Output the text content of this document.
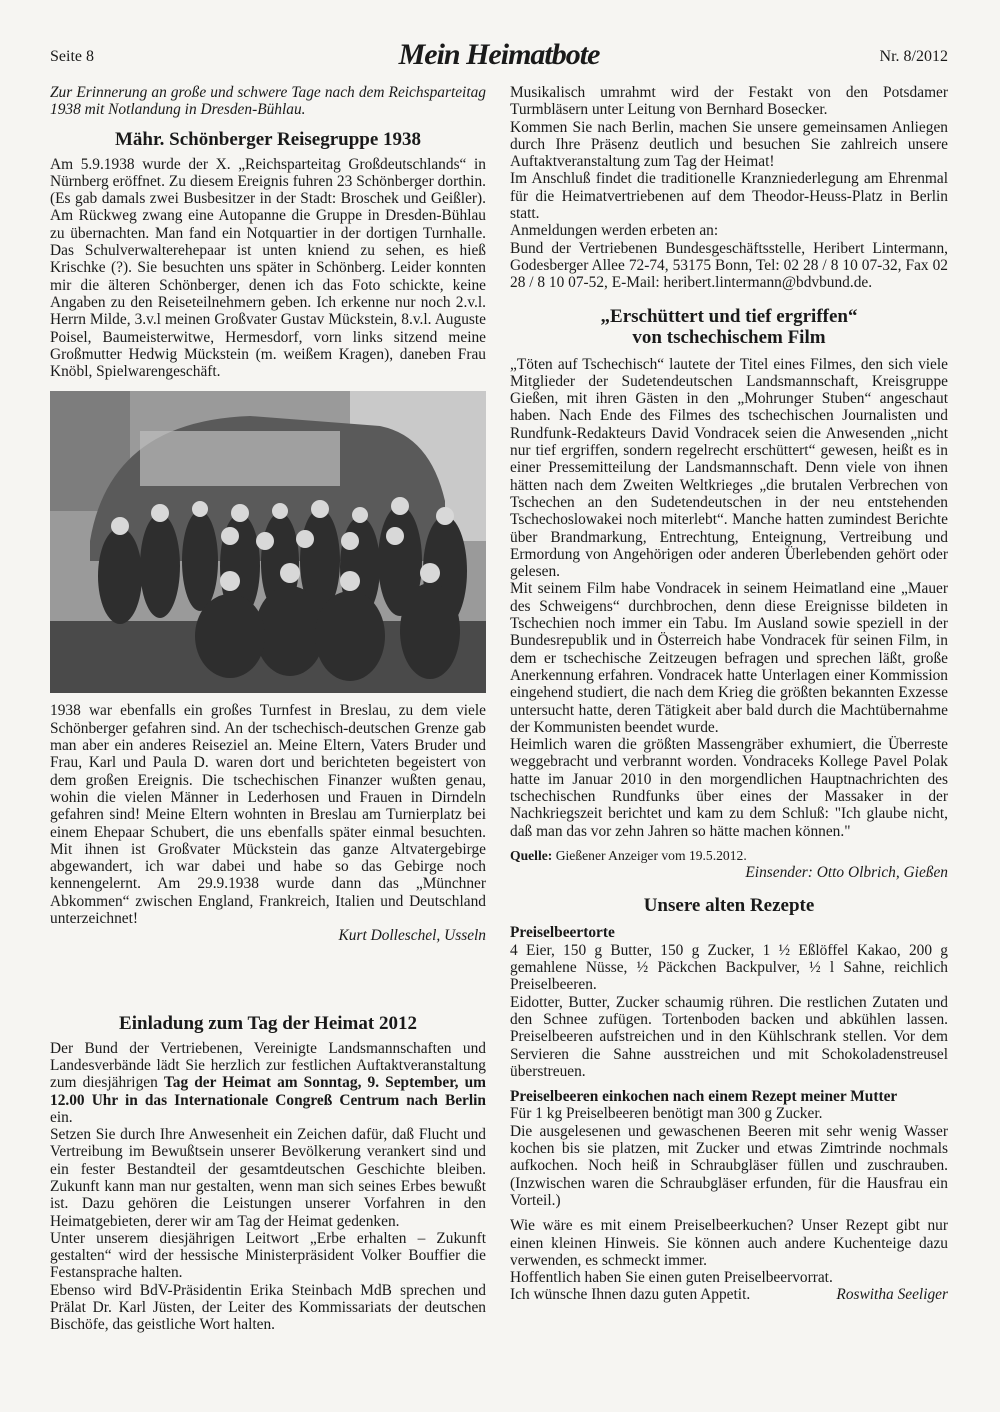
Seite 8	Mein Heimatbote	Nr. 8/2012

Zur Erinnerung an große und schwere Tage nach dem Reichsparteitag 1938 mit Notlandung in Dresden-Bühlau.

Mähr. Schönberger Reisegruppe 1938

Am 5.9.1938 wurde der X. „Reichsparteitag Großdeutschlands“ in Nürnberg eröffnet. Zu diesem Ereignis fuhren 23 Schönberger dorthin. (Es gab damals zwei Busbesitzer in der Stadt: Broschek und Geißler). Am Rückweg zwang eine Autopanne die Gruppe in Dresden-Bühlau zu übernachten. Man fand ein Notquartier in der dortigen Turnhalle. Das Schulverwalterehepaar ist unten kniend zu sehen, es hieß Krischke (?). Sie besuchten uns später in Schönberg. Leider konnten mir die älteren Schönberger, denen ich das Foto schickte, keine Angaben zu den Reiseteilnehmern geben. Ich erkenne nur noch 2.v.l. Herrn Milde, 3.v.l meinen Großvater Gustav Mückstein, 8.v.l. Auguste Poisel, Baumeisterwitwe, Hermesdorf, vorn links sitzend meine Großmutter Hedwig Mückstein (m. weißem Kragen), daneben Frau Knöbl, Spielwarengeschäft.

1938 war ebenfalls ein großes Turnfest in Breslau, zu dem viele Schönberger gefahren sind. An der tschechisch-deutschen Grenze gab man aber ein anderes Reiseziel an. Meine Eltern, Vaters Bruder und Frau, Karl und Paula D. waren dort und berichteten begeistert von dem großen Ereignis. Die tschechischen Finanzer wußten genau, wohin die vielen Männer in Lederhosen und Frauen in Dirndeln gefahren sind! Meine Eltern wohnten in Breslau am Turnierplatz bei einem Ehepaar Schubert, die uns ebenfalls später einmal besuchten. Mit ihnen ist Großvater Mückstein das ganze Altvatergebirge abgewandert, ich war dabei und habe so das Gebirge noch kennengelernt. Am 29.9.1938 wurde dann das „Münchner Abkommen“ zwischen England, Frankreich, Italien und Deutschland unterzeichnet!

Kurt Dolleschel, Usseln

Einladung zum Tag der Heimat 2012

Der Bund der Vertriebenen, Vereinigte Landsmannschaften und Landesverbände lädt Sie herzlich zur festlichen Auftaktveranstaltung zum diesjährigen Tag der Heimat am Sonntag, 9. September, um 12.00 Uhr in das Internationale Congreß Centrum nach Berlin ein.

Setzen Sie durch Ihre Anwesenheit ein Zeichen dafür, daß Flucht und Vertreibung im Bewußtsein unserer Bevölkerung verankert sind und ein fester Bestandteil der gesamtdeutschen Geschichte bleiben. Zukunft kann man nur gestalten, wenn man sich seines Erbes bewußt ist. Dazu gehören die Leistungen unserer Vorfahren in den Heimatgebieten, derer wir am Tag der Heimat gedenken.

Unter unserem diesjährigen Leitwort „Erbe erhalten – Zukunft gestalten“ wird der hessische Ministerpräsident Volker Bouffier die Festansprache halten.

Ebenso wird BdV-Präsidentin Erika Steinbach MdB sprechen und Prälat Dr. Karl Jüsten, der Leiter des Kommissariats der deutschen Bischöfe, das geistliche Wort halten.

Musikalisch umrahmt wird der Festakt von den Potsdamer Turmbläsern unter Leitung von Bernhard Bosecker.

Kommen Sie nach Berlin, machen Sie unsere gemeinsamen Anliegen durch Ihre Präsenz deutlich und besuchen Sie zahlreich unsere Auftaktveranstaltung zum Tag der Heimat!

Im Anschluß findet die traditionelle Kranzniederlegung am Ehrenmal für die Heimatvertriebenen auf dem Theodor-Heuss-Platz in Berlin statt.

Anmeldungen werden erbeten an:

Bund der Vertriebenen Bundesgeschäftsstelle, Heribert Lintermann, Godesberger Allee 72-74, 53175 Bonn, Tel: 02 28 / 8 10 07-32, Fax 02 28 / 8 10 07-52, E-Mail: heribert.lintermann@bdvbund.de.

„Erschüttert und tief ergriffen“
von tschechischem Film

„Töten auf Tschechisch“ lautete der Titel eines Filmes, den sich viele Mitglieder der Sudetendeutschen Landsmannschaft, Kreisgruppe Gießen, mit ihren Gästen in den „Mohrunger Stuben“ angeschaut haben. Nach Ende des Filmes des tschechischen Journalisten und Rundfunk-Redakteurs David Vondracek seien die Anwesenden „nicht nur tief ergriffen, sondern regelrecht erschüttert“ gewesen, heißt es in einer Pressemitteilung der Landsmannschaft. Denn viele von ihnen hätten nach dem Zweiten Weltkrieges „die brutalen Verbrechen von Tschechen an den Sudetendeutschen in der neu entstehenden Tschechoslowakei noch miterlebt“. Manche hatten zumindest Berichte über Brandmarkung, Entrechtung, Enteignung, Vertreibung und Ermordung von Angehörigen oder anderen Überlebenden gehört oder gelesen.

Mit seinem Film habe Vondracek in seinem Heimatland eine „Mauer des Schweigens“ durchbrochen, denn diese Ereignisse bildeten in Tschechien noch immer ein Tabu. Im Ausland sowie speziell in der Bundesrepublik und in Österreich habe Vondracek für seinen Film, in dem er tschechische Zeitzeugen befragen und sprechen läßt, große Anerkennung erfahren. Vondracek hatte Unterlagen einer Kommission eingehend studiert, die nach dem Krieg die größten bekannten Exzesse untersucht hatte, deren Tätigkeit aber bald durch die Machtübernahme der Kommunisten beendet wurde.

Heimlich waren die größten Massengräber exhumiert, die Überreste weggebracht und verbrannt worden. Vondraceks Kollege Pavel Polak hatte im Januar 2010 in den morgendlichen Hauptnachrichten des tschechischen Rundfunks über eines der Massaker in der Nachkriegszeit berichtet und kam zu dem Schluß: "Ich glaube nicht, daß man das vor zehn Jahren so hätte machen können."

Quelle: Gießener Anzeiger vom 19.5.2012.

Einsender: Otto Olbrich, Gießen

Unsere alten Rezepte

Preiselbeertorte

4 Eier, 150 g Butter, 150 g Zucker, 1 ½ Eßlöffel Kakao, 200 g gemahlene Nüsse, ½ Päckchen Backpulver, ½ l Sahne, reichlich Preiselbeeren.

Eidotter, Butter, Zucker schaumig rühren. Die restlichen Zutaten und den Schnee zufügen. Tortenboden backen und abkühlen lassen. Preiselbeeren aufstreichen und in den Kühlschrank stellen. Vor dem Servieren die Sahne ausstreichen und mit Schokoladenstreusel überstreuen.

Preiselbeeren einkochen nach einem Rezept meiner Mutter

Für 1 kg Preiselbeeren benötigt man 300 g Zucker.

Die ausgelesenen und gewaschenen Beeren mit sehr wenig Wasser kochen bis sie platzen, mit Zucker und etwas Zimtrinde nochmals aufkochen. Noch heiß in Schraubgläser füllen und zuschrauben. (Inzwischen waren die Schraubgläser erfunden, für die Hausfrau ein Vorteil.)

Wie wäre es mit einem Preiselbeerkuchen? Unser Rezept gibt nur einen kleinen Hinweis. Sie können auch andere Kuchenteige dazu verwenden, es schmeckt immer.

Hoffentlich haben Sie einen guten Preiselbeervorrat.

Ich wünsche Ihnen dazu guten Appetit.	Roswitha Seeliger
